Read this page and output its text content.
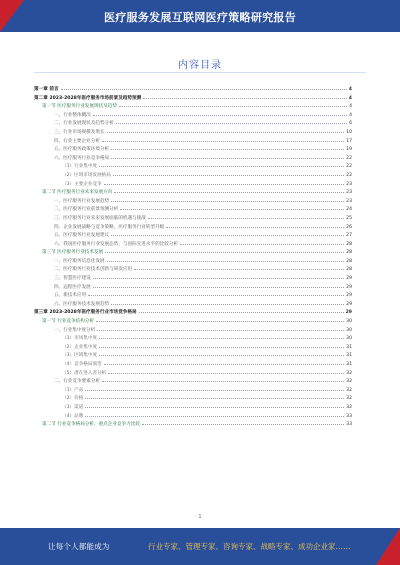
医疗服务发展互联网医疗策略研究报告
内容目录
第一章 前言	4
第二章 2023-2028年医疗服务市场前景及趋势预测	4
第一节 医疗服务行业发展现状及趋势	4
一、行业整体概况	4
二、行业发展现状及趋势分析	6
三、行业市场规模及增长	10
四、行业主要企业分析	17
五、医疗服务政策环境分析	19
六、医疗服务行业竞争格局	22
（1）行业集中度	22
（2）区域市场发展格局	22
（3）主要企业竞争	23
第二节 医疗服务行业未来发展方向	23
一、医疗服务行业发展趋势	23
二、医疗服务行业前景预测分析	24
三、医疗服务行业未来发展面临的机遇与挑战	25
四、企业发展战略与竞争策略，医疗服务行业转型升级	26
五、医疗服务行业发展建议	27
六、我国医疗服务行业发展态势，与国际先进水平的比较分析	28
第三节 医疗服务行业技术发展	28
一、医疗服务信息化发展	28
二、医疗服务行业技术创新与研发应用	28
三、智慧医疗建设	29
四、远程医疗发展	29
五、新技术应用	29
六、医疗服务技术发展趋势	29
第三章 2023-2028年医疗服务行业市场竞争格局	29
第一节 行业竞争结构分析	30
一、行业集中度分析	30
（1）市场集中度	30
（2）企业集中度	31
（3）区域集中度	31
（4）竞争格局演变	31
（5）潜在进入者分析	32
二、行业竞争要素分析	32
（1）产品	32
（2）价格	32
（3）渠道	32
（4）品牌	33
第二节 行业竞争格局分析，重点企业竞争力比较	33
1
让每个人都能成为	行业专家、管理专家、咨询专家、战略专家、成功企业家……
